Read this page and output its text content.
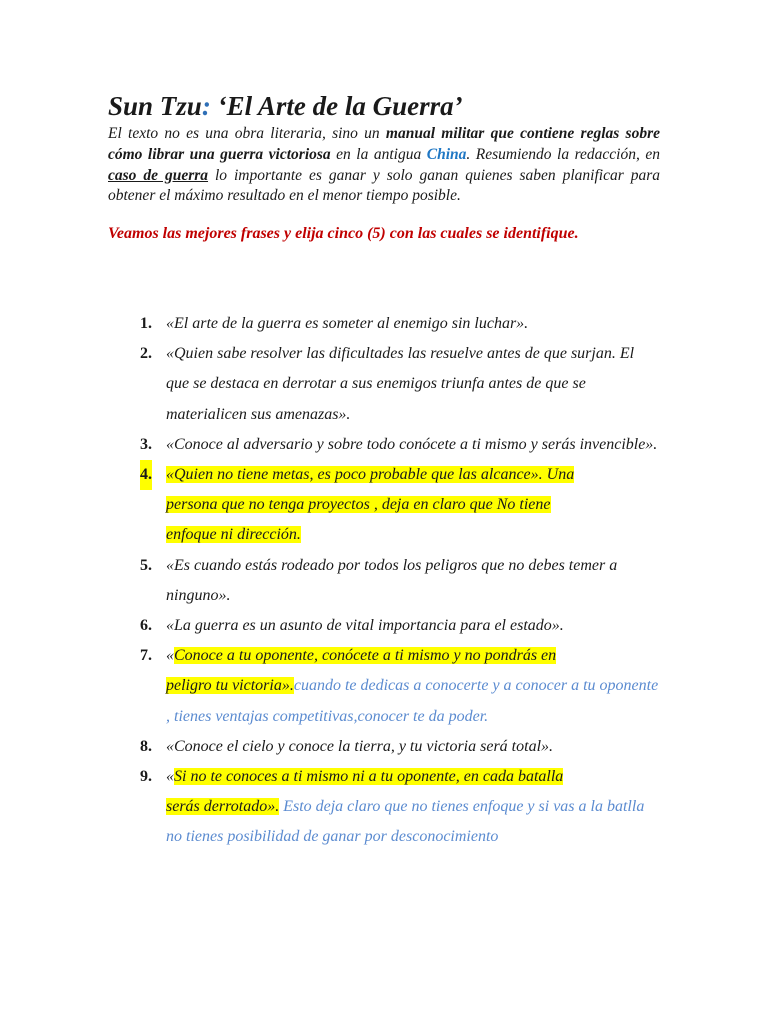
Sun Tzu: ‘El Arte de la Guerra’

El texto no es una obra literaria, sino un manual militar que contiene reglas sobre cómo librar una guerra victoriosa en la antigua China. Resumiendo la redacción, en caso de guerra lo importante es ganar y solo ganan quienes saben planificar para obtener el máximo resultado en el menor tiempo posible.

Veamos las mejores frases y elija cinco (5) con las cuales se identifique.

1. «El arte de la guerra es someter al enemigo sin luchar».
2. «Quien sabe resolver las dificultades las resuelve antes de que surjan. El que se destaca en derrotar a sus enemigos triunfa antes de que se materialicen sus amenazas».
3. «Conoce al adversario y sobre todo conócete a ti mismo y serás invencible».
4. «Quien no tiene metas, es poco probable que las alcance». Una
persona que no tenga proyectos , deja en claro que No tiene
enfoque ni dirección.
5. «Es cuando estás rodeado por todos los peligros que no debes temer a ninguno».
6. «La guerra es un asunto de vital importancia para el estado».
7. «Conoce a tu oponente, conócete a ti mismo y no pondrás en
peligro tu victoria».cuando te dedicas a conocerte y a conocer a tu oponente , tienes ventajas competitivas,conocer te da poder.
8. «Conoce el cielo y conoce la tierra, y tu victoria será total».
9. «Si no te conoces a ti mismo ni a tu oponente, en cada batalla
serás derrotado». Esto deja claro que no tienes enfoque y si vas a la batlla no tienes posibilidad de ganar por desconocimiento
